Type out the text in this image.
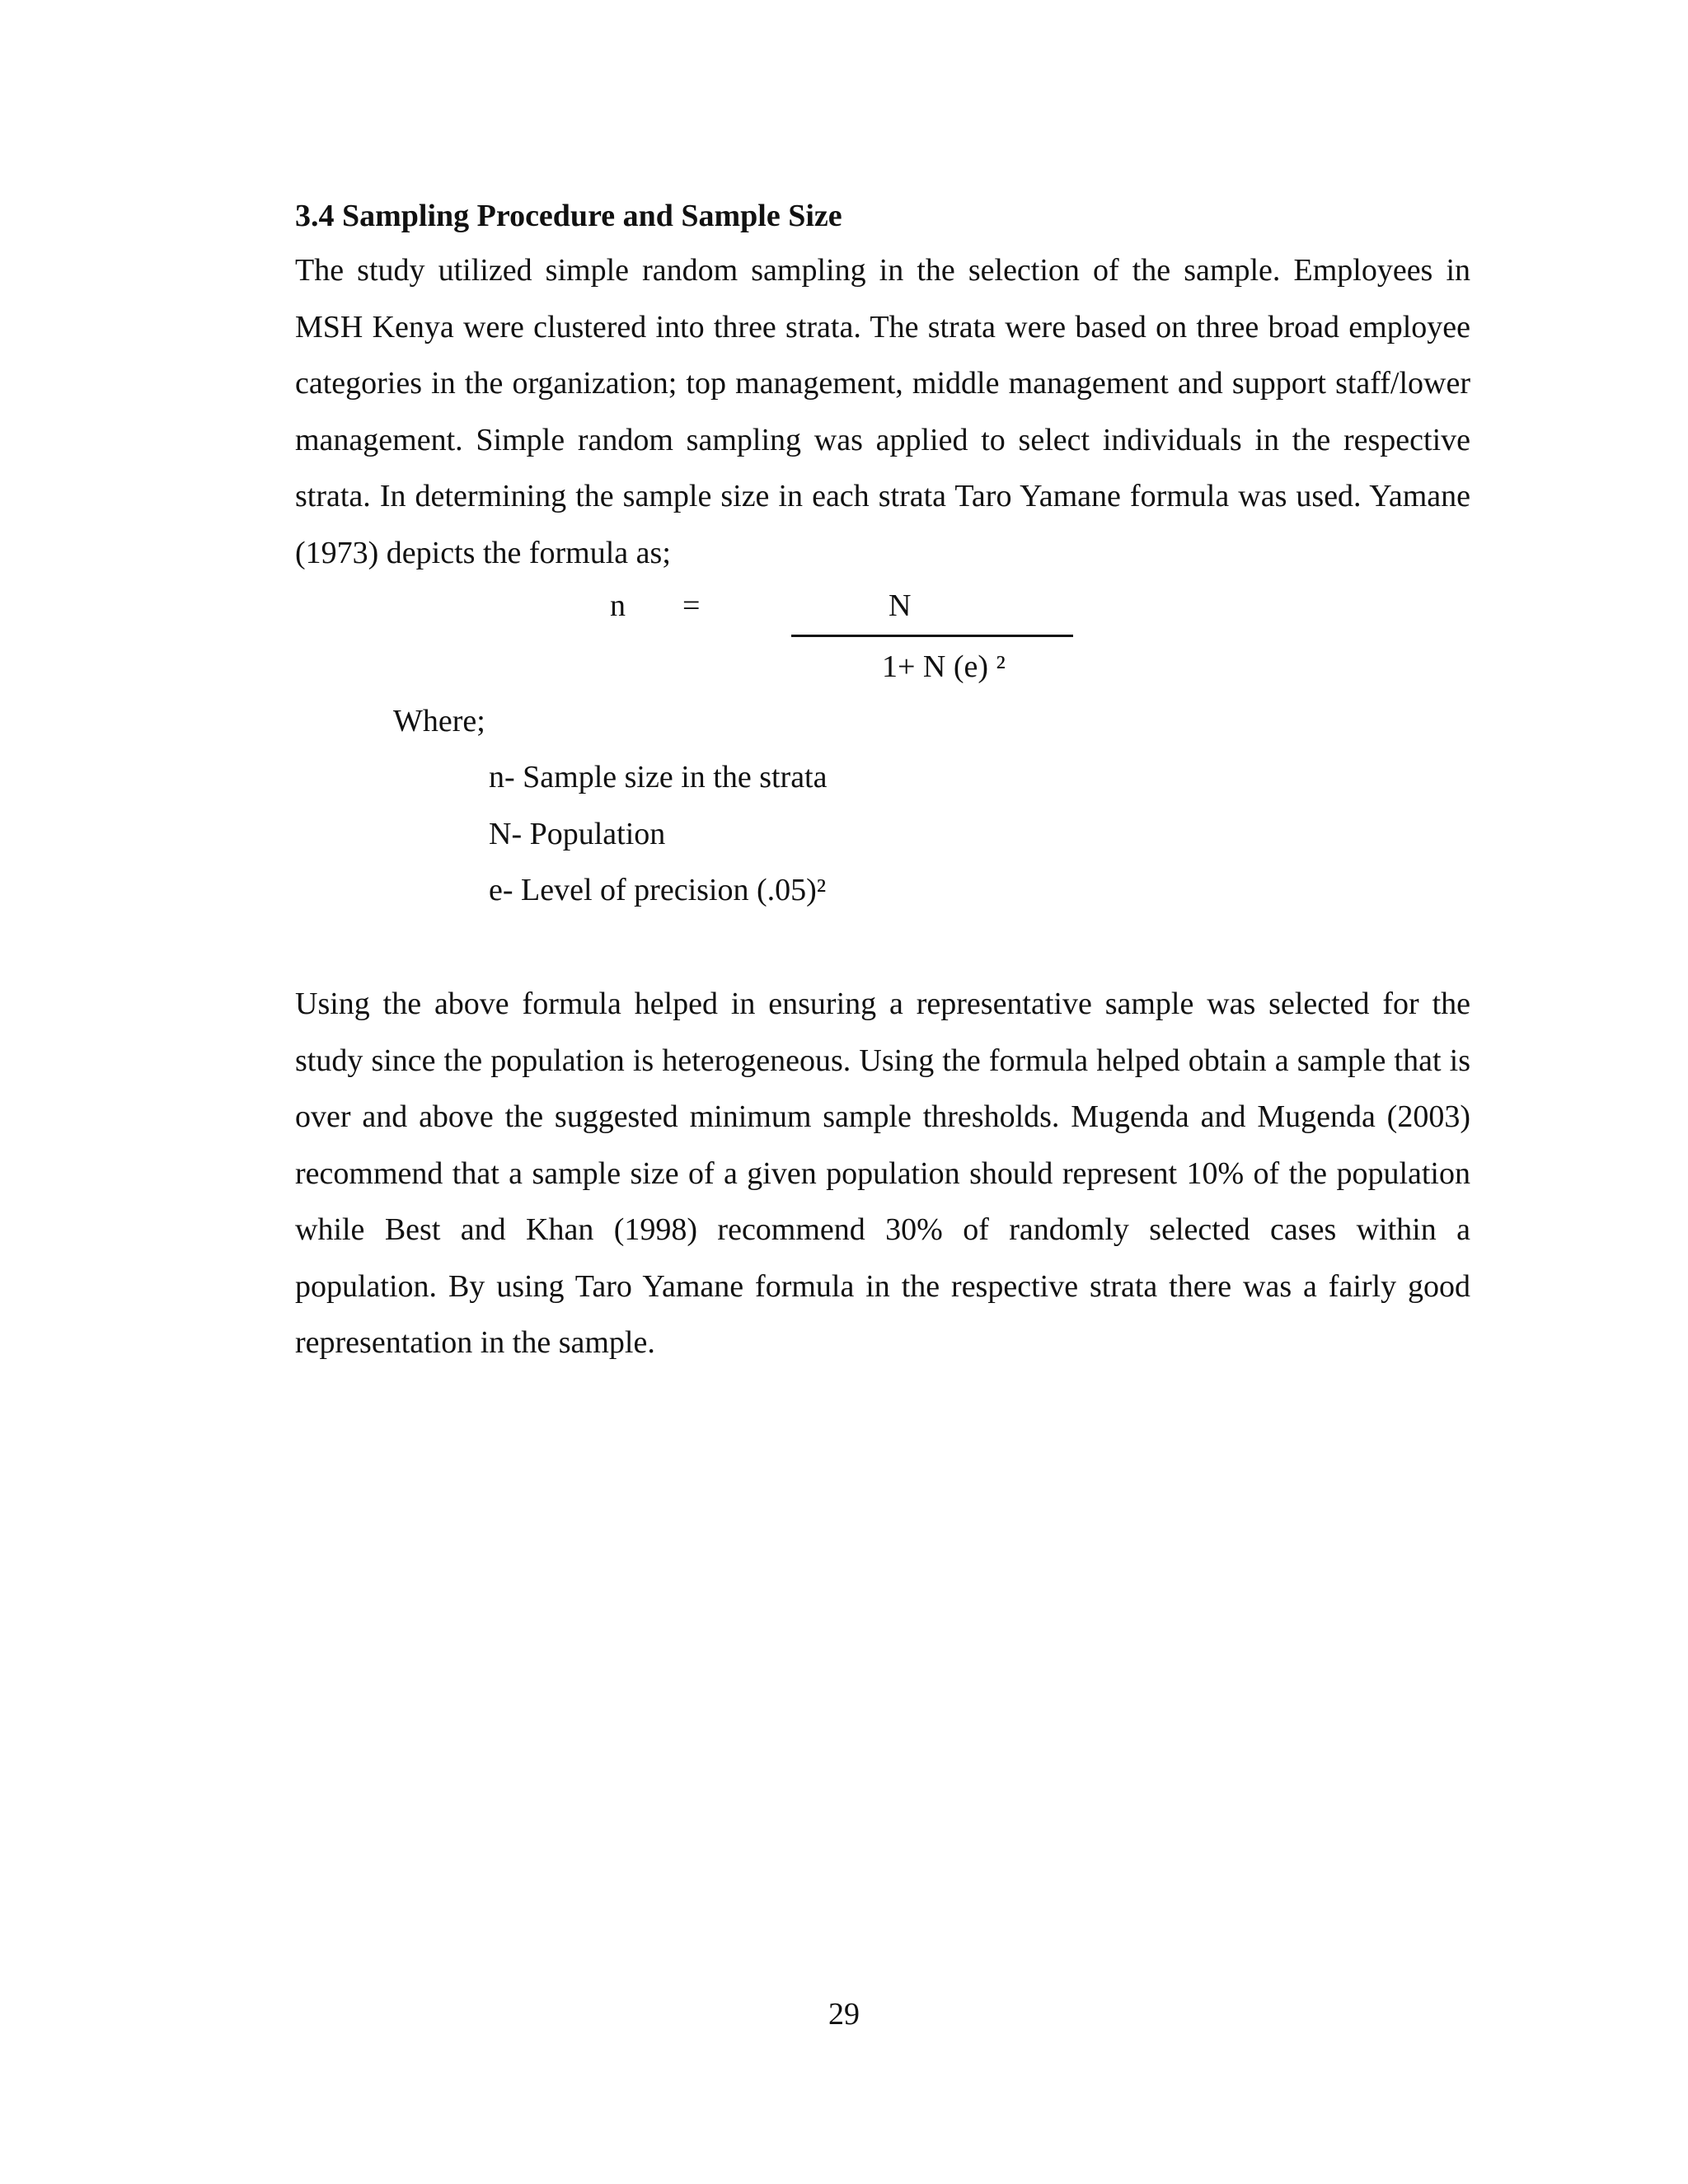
3.4 Sampling Procedure and Sample Size

The study utilized simple random sampling in the selection of the sample. Employees in MSH Kenya were clustered into three strata. The strata were based on three broad employee categories in the organization; top management, middle management and support staff/lower management. Simple random sampling was applied to select individuals in the respective strata. In determining the sample size in each strata Taro Yamane formula was used. Yamane (1973) depicts the formula as;

n =	N
1+ N (e) ²
Where;
n- Sample size in the strata
N- Population
e- Level of precision (.05)²

Using the above formula helped in ensuring a representative sample was selected for the study since the population is heterogeneous. Using the formula helped obtain a sample that is over and above the suggested minimum sample thresholds. Mugenda and Mugenda (2003) recommend that a sample size of a given population should represent 10% of the population while Best and Khan (1998) recommend 30% of randomly selected cases within a population. By using Taro Yamane formula in the respective strata there was a fairly good representation in the sample.

29
